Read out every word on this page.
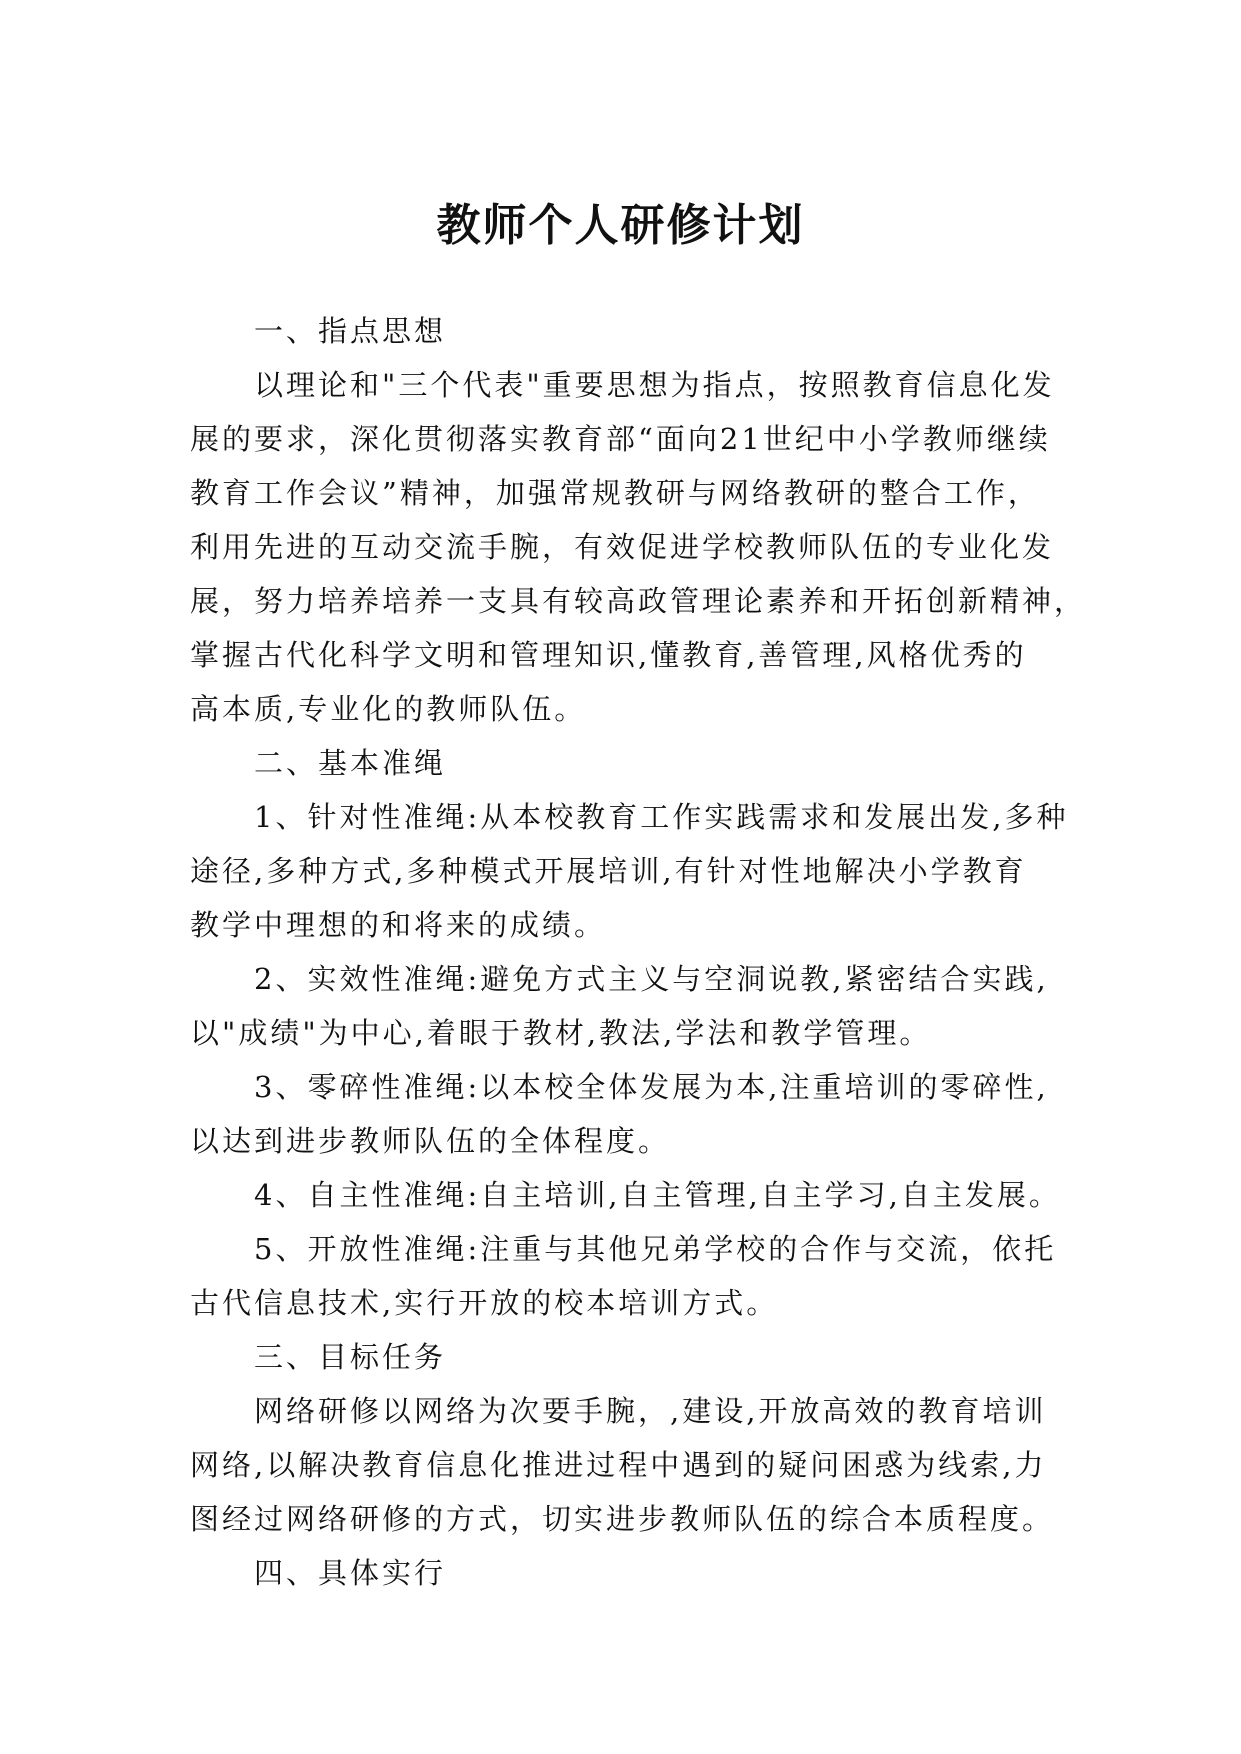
教师个人研修计划

一、指点思想

以理论和"三个代表"重要思想为指点，按照教育信息化发
展的要求，深化贯彻落实教育部“面向21世纪中小学教师继续
教育工作会议”精神，加强常规教研与网络教研的整合工作，
利用先进的互动交流手腕，有效促进学校教师队伍的专业化发
展，努力培养培养一支具有较高政管理论素养和开拓创新精神，
掌握古代化科学文明和管理知识,懂教育,善管理,风格优秀的
高本质,专业化的教师队伍。

二、基本准绳

1、针对性准绳:从本校教育工作实践需求和发展出发,多种
途径,多种方式,多种模式开展培训,有针对性地解决小学教育
教学中理想的和将来的成绩。

2、实效性准绳:避免方式主义与空洞说教,紧密结合实践,
以"成绩"为中心,着眼于教材,教法,学法和教学管理。

3、零碎性准绳:以本校全体发展为本,注重培训的零碎性,
以达到进步教师队伍的全体程度。

4、自主性准绳:自主培训,自主管理,自主学习,自主发展。

5、开放性准绳:注重与其他兄弟学校的合作与交流，依托
古代信息技术,实行开放的校本培训方式。

三、目标任务

网络研修以网络为次要手腕，,建设,开放高效的教育培训
网络,以解决教育信息化推进过程中遇到的疑问困惑为线索,力
图经过网络研修的方式，切实进步教师队伍的综合本质程度。

四、具体实行
